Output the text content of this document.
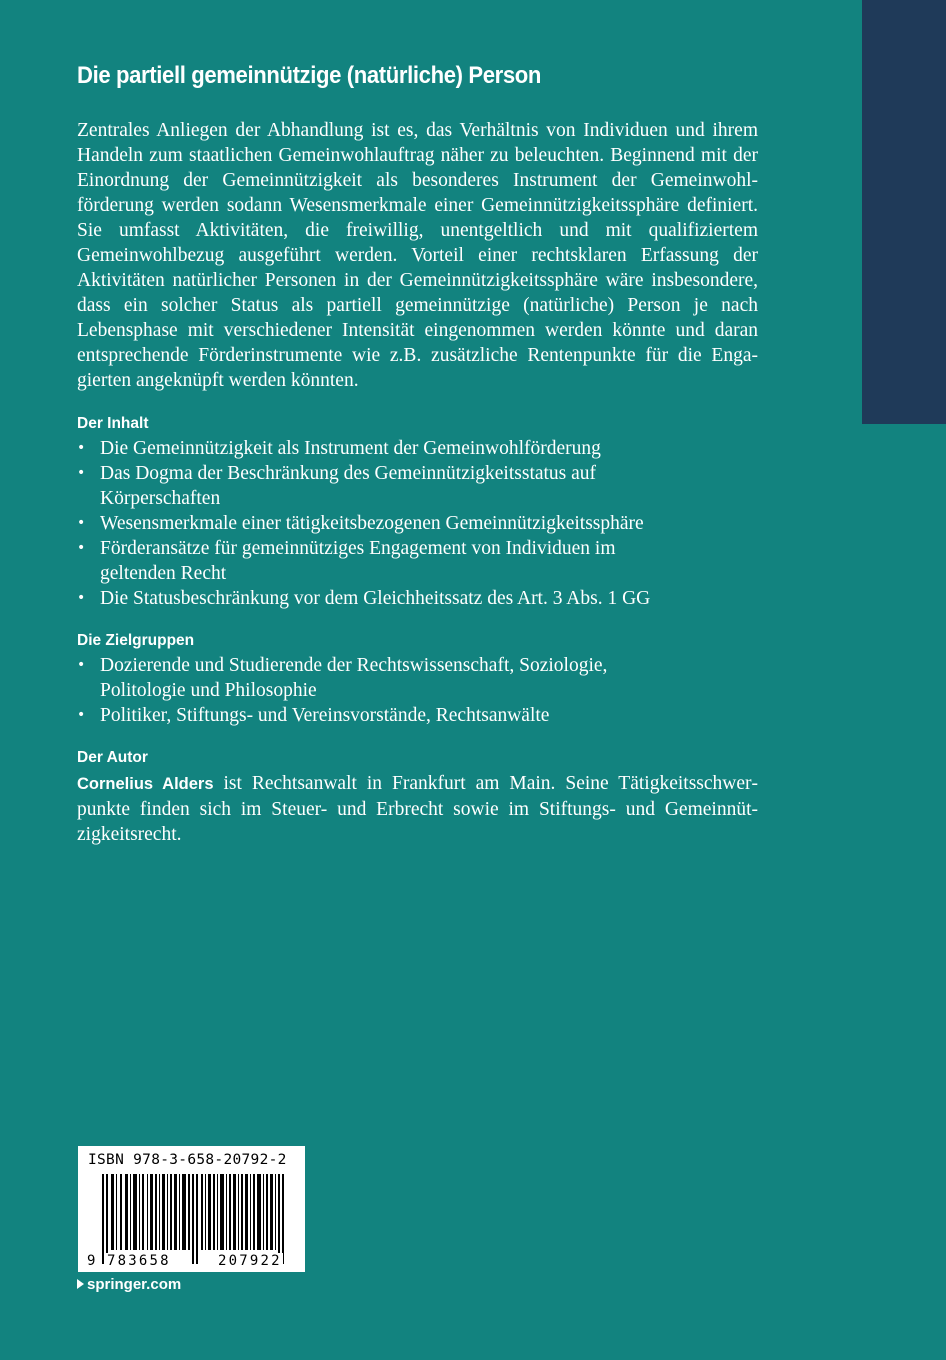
Die partiell gemeinnützige (natürliche) Person

Zentrales Anliegen der Abhandlung ist es, das Verhältnis von Individuen und ihrem Handeln zum staatlichen Gemeinwohlauftrag näher zu beleuchten. Beginnend mit der Einordnung der Gemeinnützigkeit als besonderes Instrument der Gemeinwohlförderung werden sodann Wesensmerkmale einer Gemeinnützigkeitssphäre definiert. Sie umfasst Aktivitäten, die freiwillig, unentgeltlich und mit qualifiziertem Gemeinwohlbezug ausgeführt werden. Vorteil einer rechtsklaren Erfassung der Aktivitäten natürlicher Personen in der Gemeinnützigkeitssphäre wäre insbesondere, dass ein solcher Status als partiell gemeinnützige (natürliche) Person je nach Lebensphase mit verschiedener Intensität eingenommen werden könnte und daran entsprechende Förderinstrumente wie z.B. zusätzliche Rentenpunkte für die Engagierten angeknüpft werden könnten.

Der Inhalt
• Die Gemeinnützigkeit als Instrument der Gemeinwohlförderung
• Das Dogma der Beschränkung des Gemeinnützigkeitsstatus auf Körperschaften
• Wesensmerkmale einer tätigkeitsbezogenen Gemeinnützigkeitssphäre
• Förderansätze für gemeinnütziges Engagement von Individuen im geltenden Recht
• Die Statusbeschränkung vor dem Gleichheitssatz des Art. 3 Abs. 1 GG
Die Zielgruppen
• Dozierende und Studierende der Rechtswissenschaft, Soziologie, Politologie und Philosophie
• Politiker, Stiftungs- und Vereinsvorstände, Rechtsanwälte
Der Autor

Cornelius Alders ist Rechtsanwalt in Frankfurt am Main. Seine Tätigkeitsschwerpunkte finden sich im Steuer- und Erbrecht sowie im Stiftungs- und Gemeinnützigkeitsrecht.

ISBN 978-3-658-20792-2
9 783658	207922
springer.com
